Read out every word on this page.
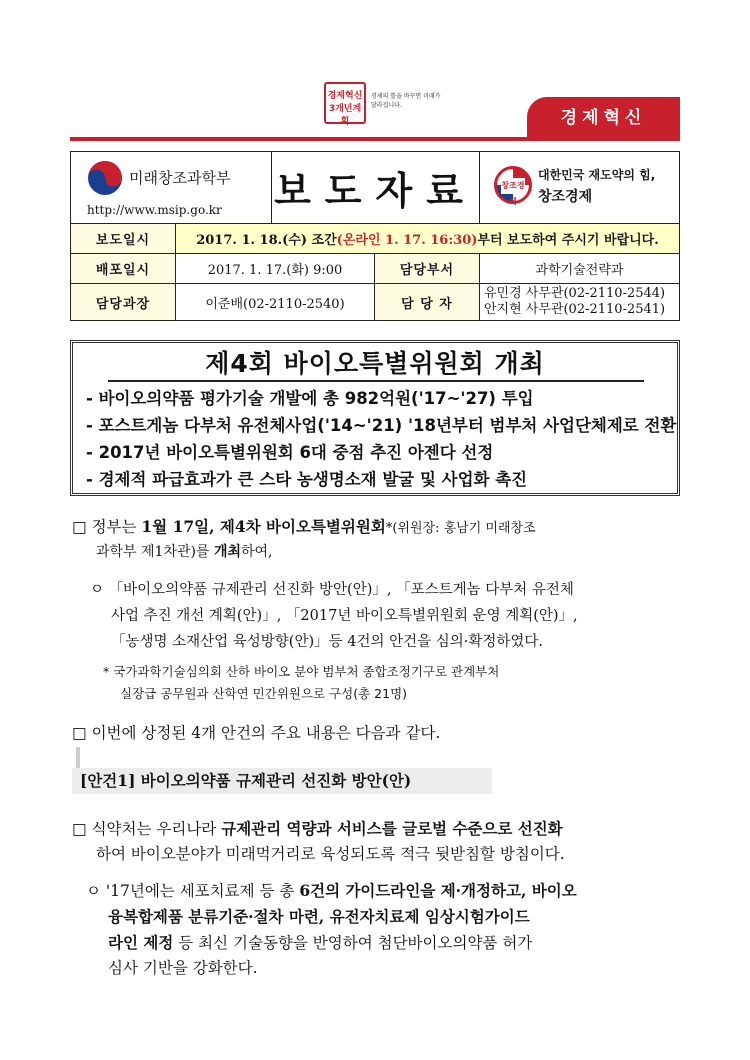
경제혁신 3개년계획
경제의 틀을 바꾸면 미래가 달라집니다.
경제혁신
미래창조과학부
http://www.msip.go.kr	보도자료	창조경제
대한민국 재도약의 힘,
창조경제
보도일시	2017. 1. 18.(수) 조간(온라인 1. 17. 16:30)부터 보도하여 주시기 바랍니다.		
배포일시	2017. 1. 17.(화) 9:00	담당부서	과학기술전략과
담당과장	이준배(02-2110-2540)	담 당 자	유민경 사무관(02-2110-2544)
안지현 사무관(02-2110-2541)
제4회 바이오특별위원회 개최
- 바이오의약품 평가기술 개발에 총 982억원('17~'27) 투입
- 포스트게놈 다부처 유전체사업('14~'21) '18년부터 범부처 사업단체제로 전환
- 2017년 바이오특별위원회 6대 중점 추진 아젠다 선정
- 경제적 파급효과가 큰 스타 농생명소재 발굴 및 사업화 촉진
□ 정부는 1월 17일, 제4차 바이오특별위원회*(위원장: 홍남기 미래창조
과학부 제1차관)를 개최하여,
ㅇ 「바이오의약품 규제관리 선진화 방안(안)」, 「포스트게놈 다부처 유전체
사업 추진 개선 계획(안)」, 「2017년 바이오특별위원회 운영 계획(안)」,
「농생명 소재산업 육성방향(안)」등 4건의 안건을 심의·확정하였다.
* 국가과학기술심의회 산하 바이오 분야 범부처 종합조정기구로 관계부처
실장급 공무원과 산학연 민간위원으로 구성(총 21명)
□ 이번에 상정된 4개 안건의 주요 내용은 다음과 같다.
[안건1] 바이오의약품 규제관리 선진화 방안(안)
□ 식약처는 우리나라 규제관리 역량과 서비스를 글로벌 수준으로 선진화
하여 바이오분야가 미래먹거리로 육성되도록 적극 뒷받침할 방침이다.
ㅇ '17년에는 세포치료제 등 총 6건의 가이드라인을 제·개정하고, 바이오
융복합제품 분류기준·절차 마련, 유전자치료제 임상시험가이드
라인 제정 등 최신 기술동향을 반영하여 첨단바이오의약품 허가
심사 기반을 강화한다.
